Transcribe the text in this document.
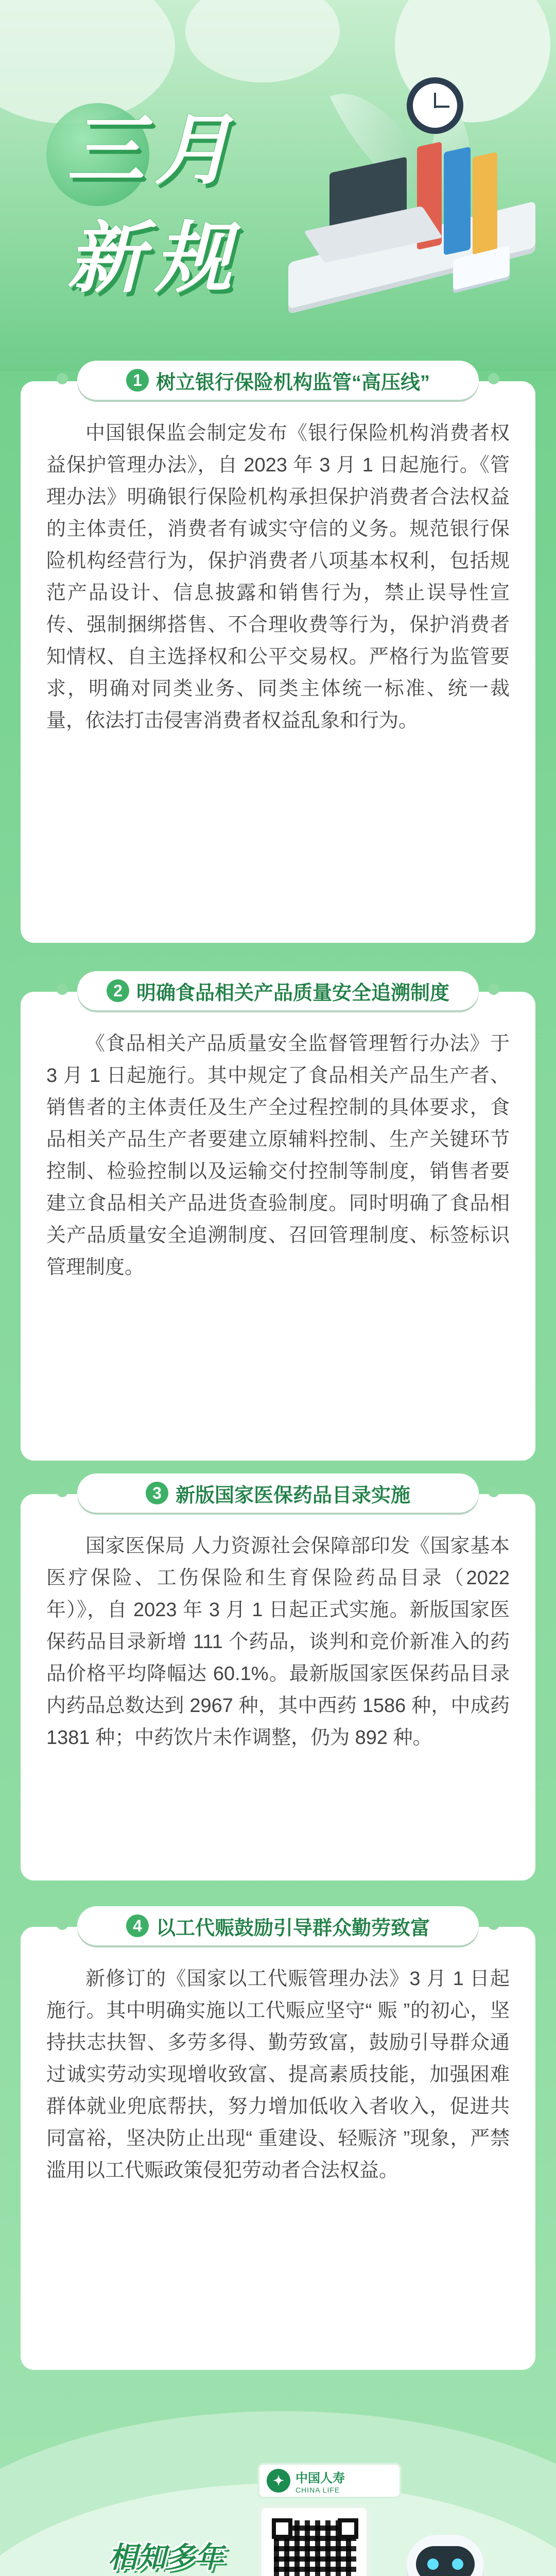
三月
新规

中国银保监会制定发布《银行保险机构消费者权益保护管理办法》，自 2023 年 3 月 1 日起施行。《管理办法》明确银行保险机构承担保护消费者合法权益的主体责任，消费者有诚实守信的义务。规范银行保险机构经营行为，保护消费者八项基本权利，包括规范产品设计、信息披露和销售行为，禁止误导性宣传、强制捆绑搭售、不合理收费等行为，保护消费者知情权、自主选择权和公平交易权。严格行为监管要求，明确对同类业务、同类主体统一标准、统一裁量，依法打击侵害消费者权益乱象和行为。

1 树立银行保险机构监管“高压线”

《食品相关产品质量安全监督管理暂行办法》于 3 月 1 日起施行。其中规定了食品相关产品生产者、销售者的主体责任及生产全过程控制的具体要求，食品相关产品生产者要建立原辅料控制、生产关键环节控制、检验控制以及运输交付控制等制度，销售者要建立食品相关产品进货查验制度。同时明确了食品相关产品质量安全追溯制度、召回管理制度、标签标识管理制度。

2 明确食品相关产品质量安全追溯制度

国家医保局 人力资源社会保障部印发《国家基本医疗保险、工伤保险和生育保险药品目录（2022 年）》，自 2023 年 3 月 1 日起正式实施。新版国家医保药品目录新增 111 个药品，谈判和竞价新准入的药品价格平均降幅达 60.1%。最新版国家医保药品目录内药品总数达到 2967 种，其中西药 1586 种，中成药 1381 种；中药饮片未作调整，仍为 892 种。

3 新版国家医保药品目录实施

新修订的《国家以工代赈管理办法》3 月 1 日起施行。其中明确实施以工代赈应坚守“ 赈 ”的初心，坚持扶志扶智、多劳多得、勤劳致富，鼓励引导群众通过诚实劳动实现增收致富、提高素质技能，加强困难群体就业兜底帮扶，努力增加低收入者收入，促进共同富裕，坚决防止出现“ 重建设、轻赈济 ”现象，严禁滥用以工代赈政策侵犯劳动者合法权益。

4 以工代赈鼓励引导群众勤劳致富
✦ 中国人寿
CHINA LIFE
相知多年
